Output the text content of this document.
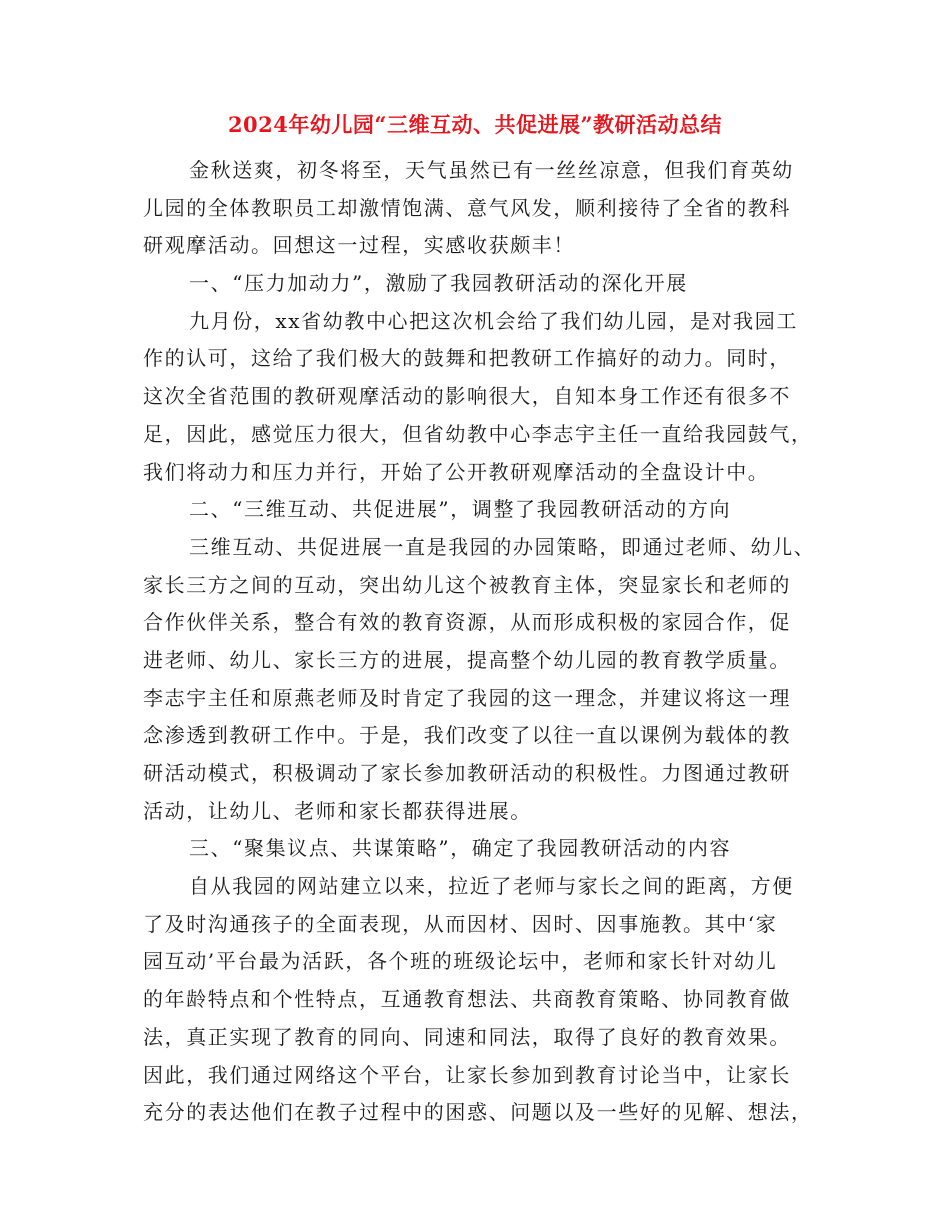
2024年幼儿园“三维互动、共促进展”教研活动总结
金秋送爽，初冬将至，天气虽然已有一丝丝凉意，但我们育英幼
儿园的全体教职员工却激情饱满、意气风发，顺利接待了全省的教科
研观摩活动。回想这一过程，实感收获颇丰！
一、“压力加动力”，激励了我园教研活动的深化开展
九月份，xx省幼教中心把这次机会给了我们幼儿园，是对我园工
作的认可，这给了我们极大的鼓舞和把教研工作搞好的动力。同时，
这次全省范围的教研观摩活动的影响很大，自知本身工作还有很多不
足，因此，感觉压力很大，但省幼教中心李志宇主任一直给我园鼓气，
我们将动力和压力并行，开始了公开教研观摩活动的全盘设计中。
二、“三维互动、共促进展”，调整了我园教研活动的方向
三维互动、共促进展一直是我园的办园策略，即通过老师、幼儿、
家长三方之间的互动，突出幼儿这个被教育主体，突显家长和老师的
合作伙伴关系，整合有效的教育资源，从而形成积极的家园合作，促
进老师、幼儿、家长三方的进展，提高整个幼儿园的教育教学质量。
李志宇主任和原燕老师及时肯定了我园的这一理念，并建议将这一理
念渗透到教研工作中。于是，我们改变了以往一直以课例为载体的教
研活动模式，积极调动了家长参加教研活动的积极性。力图通过教研
活动，让幼儿、老师和家长都获得进展。
三、“聚集议点、共谋策略”，确定了我园教研活动的内容
自从我园的网站建立以来，拉近了老师与家长之间的距离，方便
了及时沟通孩子的全面表现，从而因材、因时、因事施教。其中‘家
园互动’平台最为活跃，各个班的班级论坛中，老师和家长针对幼儿
的年龄特点和个性特点，互通教育想法、共商教育策略、协同教育做
法，真正实现了教育的同向、同速和同法，取得了良好的教育效果。
因此，我们通过网络这个平台，让家长参加到教育讨论当中，让家长
充分的表达他们在教子过程中的困惑、问题以及一些好的见解、想法，
